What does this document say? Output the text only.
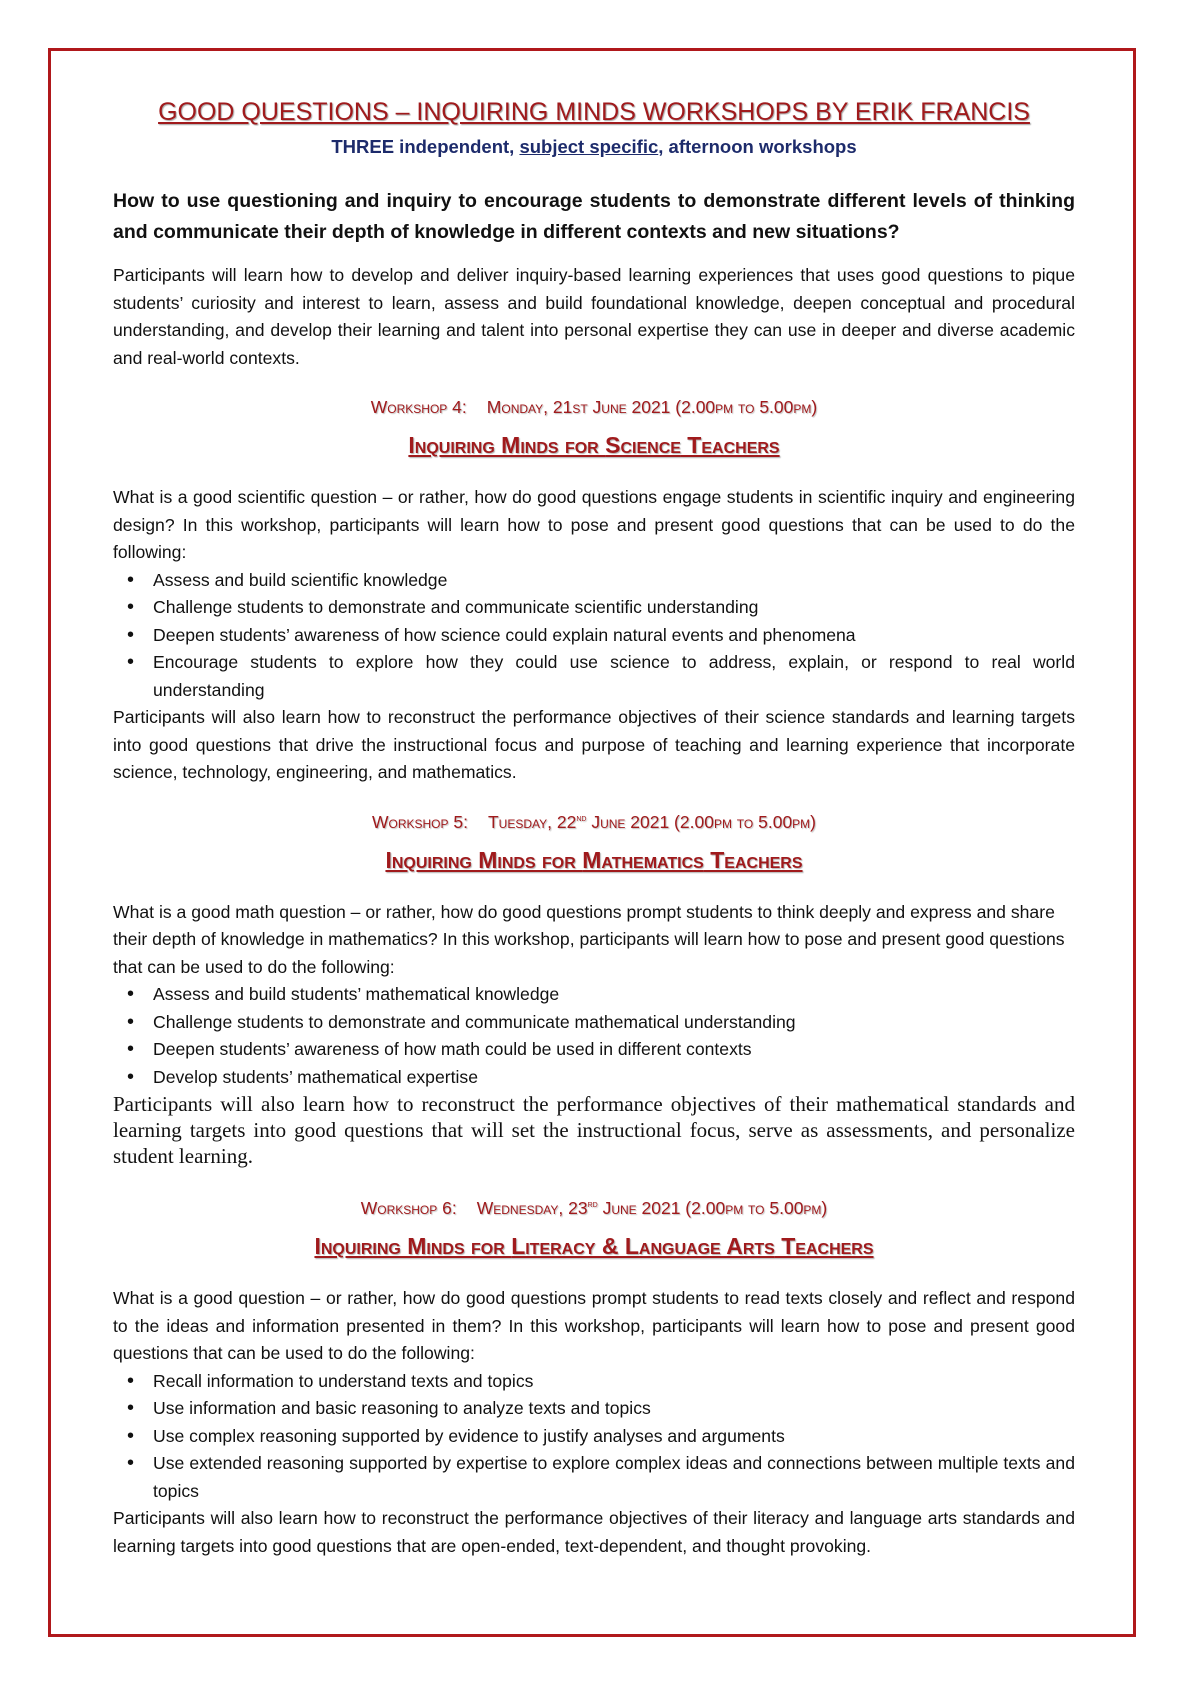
GOOD QUESTIONS – INQUIRING MINDS WORKSHOPS BY ERIK FRANCIS

THREE independent, subject specific, afternoon workshops

How to use questioning and inquiry to encourage students to demonstrate different levels of thinking and communicate their depth of knowledge in different contexts and new situations?

Participants will learn how to develop and deliver inquiry-based learning experiences that uses good questions to pique students’ curiosity and interest to learn, assess and build foundational knowledge, deepen conceptual and procedural understanding, and develop their learning and talent into personal expertise they can use in deeper and diverse academic and real-world contexts.

Workshop 4: Monday, 21st June 2021 (2.00pm to 5.00pm)

Inquiring Minds for Science Teachers

What is a good scientific question – or rather, how do good questions engage students in scientific inquiry and engineering design? In this workshop, participants will learn how to pose and present good questions that can be used to do the following:

• Assess and build scientific knowledge
• Challenge students to demonstrate and communicate scientific understanding
• Deepen students’ awareness of how science could explain natural events and phenomena
• Encourage students to explore how they could use science to address, explain, or respond to real world understanding

Participants will also learn how to reconstruct the performance objectives of their science standards and learning targets into good questions that drive the instructional focus and purpose of teaching and learning experience that incorporate science, technology, engineering, and mathematics.

Workshop 5: Tuesday, 22nd June 2021 (2.00pm to 5.00pm)

Inquiring Minds for Mathematics Teachers

What is a good math question – or rather, how do good questions prompt students to think deeply and express and share their depth of knowledge in mathematics? In this workshop, participants will learn how to pose and present good questions that can be used to do the following:

• Assess and build students’ mathematical knowledge
• Challenge students to demonstrate and communicate mathematical understanding
• Deepen students’ awareness of how math could be used in different contexts
• Develop students’ mathematical expertise

Participants will also learn how to reconstruct the performance objectives of their mathematical standards and learning targets into good questions that will set the instructional focus, serve as assessments, and personalize student learning.

Workshop 6: Wednesday, 23rd June 2021 (2.00pm to 5.00pm)

Inquiring Minds for Literacy & Language Arts Teachers

What is a good question – or rather, how do good questions prompt students to read texts closely and reflect and respond to the ideas and information presented in them? In this workshop, participants will learn how to pose and present good questions that can be used to do the following:

• Recall information to understand texts and topics
• Use information and basic reasoning to analyze texts and topics
• Use complex reasoning supported by evidence to justify analyses and arguments
• Use extended reasoning supported by expertise to explore complex ideas and connections between multiple texts and topics

Participants will also learn how to reconstruct the performance objectives of their literacy and language arts standards and learning targets into good questions that are open-ended, text-dependent, and thought provoking.
